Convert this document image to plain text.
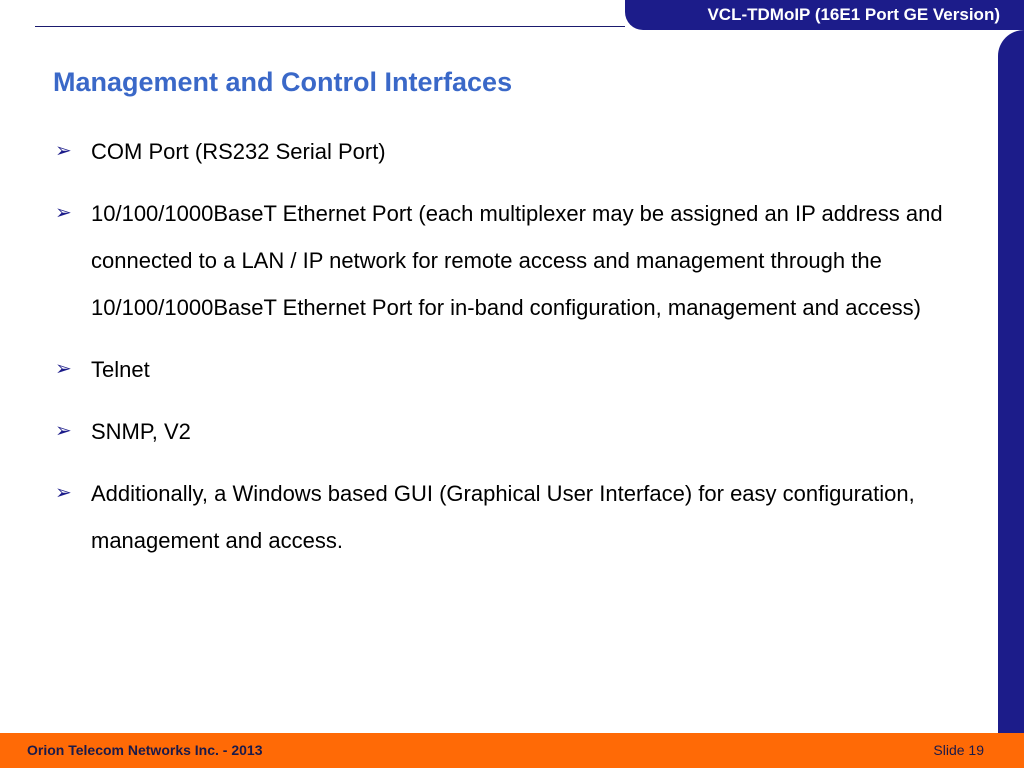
VCL-TDMoIP (16E1 Port GE Version)
Management and Control Interfaces
➢ COM Port (RS232 Serial Port)
➢ 10/100/1000BaseT Ethernet Port (each multiplexer may be assigned an IP address and connected to a LAN / IP network for remote access and management through the 10/100/1000BaseT Ethernet Port for in-band configuration, management and access)
➢ Telnet
➢ SNMP, V2
➢ Additionally, a Windows based GUI (Graphical User Interface) for easy configuration, management and access.
Orion Telecom Networks Inc. - 2013	Slide 19
